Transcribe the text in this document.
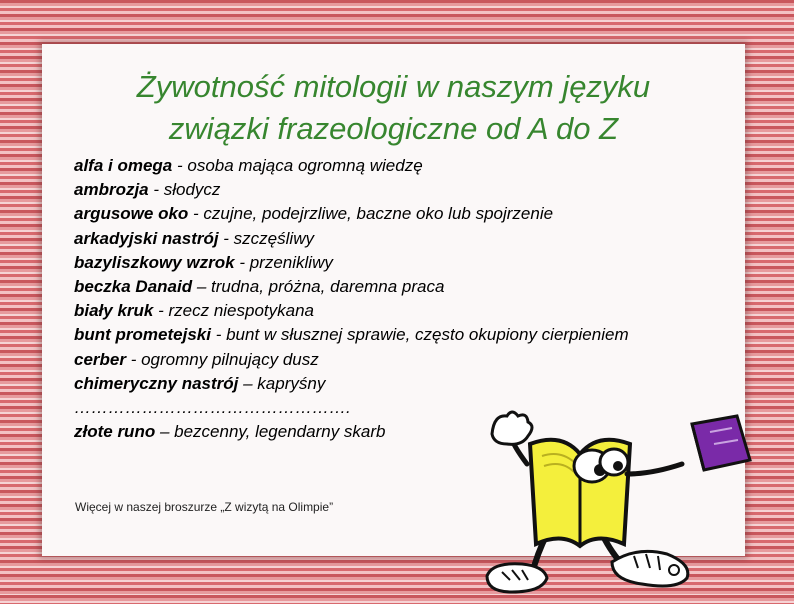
Żywotność mitologii w naszym języku
związki frazeologiczne od A do Z
alfa i omega - osoba mająca ogromną wiedzę
ambrozja - słodycz
argusowe oko - czujne, podejrzliwe, baczne oko lub spojrzenie
arkadyjski nastrój - szczęśliwy
bazyliszkowy wzrok - przenikliwy
beczka Danaid – trudna, próżna, daremna praca
biały kruk - rzecz niespotykana
bunt prometejski - bunt w słusznej sprawie, często okupiony cierpieniem
cerber - ogromny pilnujący dusz
chimeryczny nastrój – kapryśny
………………………………………….
złote runo – bezcenny, legendarny skarb
Więcej w naszej broszurze „Z wizytą na Olimpie”
